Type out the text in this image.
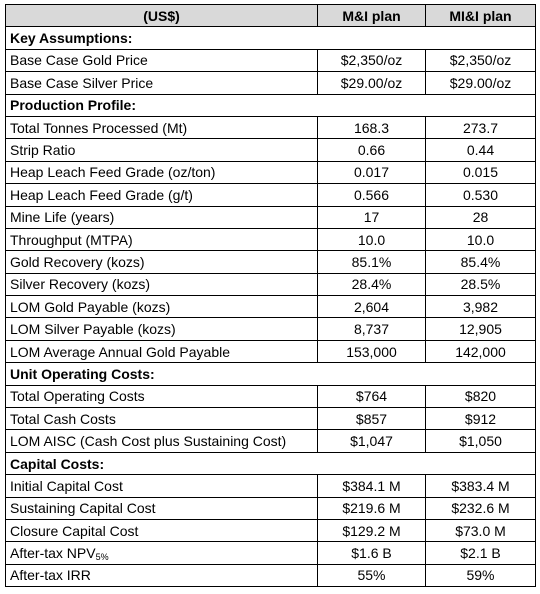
(US$)	M&I plan	MI&I plan
Key Assumptions:		
Base Case Gold Price	$2,350/oz	$2,350/oz
Base Case Silver Price	$29.00/oz	$29.00/oz
Production Profile:		
Total Tonnes Processed (Mt)	168.3	273.7
Strip Ratio	0.66	0.44
Heap Leach Feed Grade (oz/ton)	0.017	0.015
Heap Leach Feed Grade (g/t)	0.566	0.530
Mine Life (years)	17	28
Throughput (MTPA)	10.0	10.0
Gold Recovery (kozs)	85.1%	85.4%
Silver Recovery (kozs)	28.4%	28.5%
LOM Gold Payable (kozs)	2,604	3,982
LOM Silver Payable (kozs)	8,737	12,905
LOM Average Annual Gold Payable	153,000	142,000
Unit Operating Costs:		
Total Operating Costs	$764	$820
Total Cash Costs	$857	$912
LOM AISC (Cash Cost plus Sustaining Cost)	$1,047	$1,050
Capital Costs:		
Initial Capital Cost	$384.1 M	$383.4 M
Sustaining Capital Cost	$219.6 M	$232.6 M
Closure Capital Cost	$129.2 M	$73.0 M
After-tax $NPV_{5\%}$	$1.6 B	$2.1 B
After-tax IRR	55%	59%
